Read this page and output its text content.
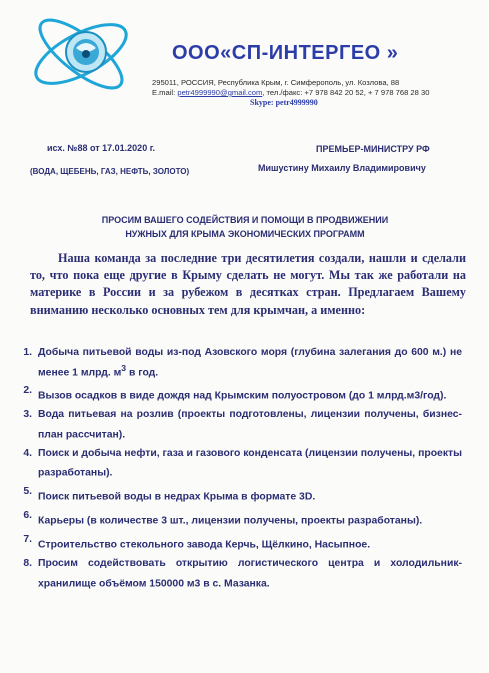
ООО«СП-ИНТЕРГЕО »
295011, РОССИЯ, Республика Крым, г. Симферополь, ул. Козлова, 88
E.mail: petr4999990@gmail.com, тел./факс: +7 978 842 20 52, + 7 978 768 28 30
Skype: petr4999990
исх. №88 от 17.01.2020 г.
(ВОДА, ЩЕБЕНЬ, ГАЗ, НЕФТЬ, ЗОЛОТО)
ПРЕМЬЕР-МИНИСТРУ РФ
Мишустину Михаилу Владимировичу
ПРОСИМ ВАШЕГО СОДЕЙСТВИЯ И ПОМОЩИ В ПРОДВИЖЕНИИ
НУЖНЫХ ДЛЯ КРЫМА ЭКОНОМИЧЕСКИХ ПРОГРАММ

Наша команда за последние три десятилетия создали, нашли и сделали то, что пока еще другие в Крыму сделать не могут. Мы так же работали на материке в России и за рубежом в десятках стран. Предлагаем Вашему вниманию несколько основных тем для крымчан, а именно:

1. Добыча питьевой воды из-под Азовского моря (глубина залегания до 600 м.) не менее 1 млрд. $м^3$ в год.
2. Вызов осадков в виде дождя над Крымским полуостровом (до 1 млрд.м3/год).
3. Вода питьевая на розлив (проекты подготовлены, лицензии получены, бизнес-план рассчитан).
4. Поиск и добыча нефти, газа и газового конденсата (лицензии получены, проекты разработаны).
5. Поиск питьевой воды в недрах Крыма в формате 3D.
6. Карьеры (в количестве 3 шт., лицензии получены, проекты разработаны).
7. Строительство стекольного завода Керчь, Щёлкино, Насыпное.
8. Просим содействовать открытию логистического центра и холодильник-хранилище объёмом 150000 м3 в с. Мазанка.
